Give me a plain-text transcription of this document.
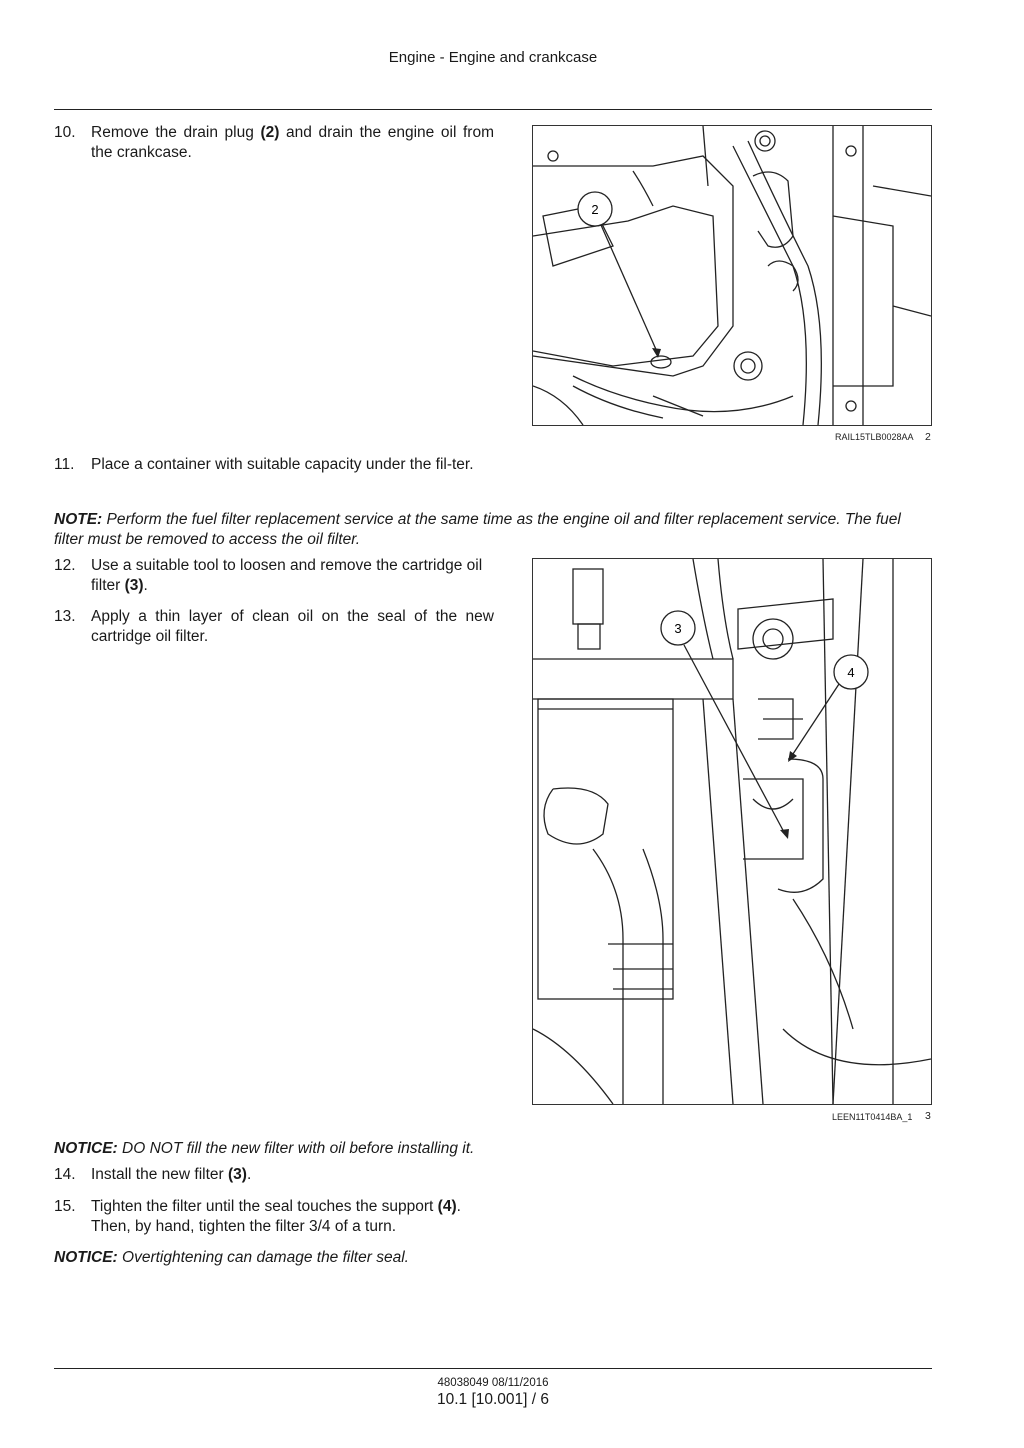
Engine - Engine and crankcase
10. Remove the drain plug (2) and drain the engine oil from the crankcase.
2
RAIL15TLB0028AA 2
11.	Place a container with suitable capacity under the fil-ter.
NOTE: Perform the fuel filter replacement service at the same time as the engine oil and filter replacement service. The fuel filter must be removed to access the oil filter.
12. Use a suitable tool to loosen and remove the cartridge oil filter (3).
13. Apply a thin layer of clean oil on the seal of the new cartridge oil filter.	3
4
LEEN11T0414BA_1 3
NOTICE: DO NOT fill the new filter with oil before installing it.
14. Install the new filter (3).
15. Tighten the filter until the seal touches the support (4). Then, by hand, tighten the filter 3/4 of a turn.
NOTICE: Overtightening can damage the filter seal.
48038049 08/11/2016
10.1 [10.001] / 6
